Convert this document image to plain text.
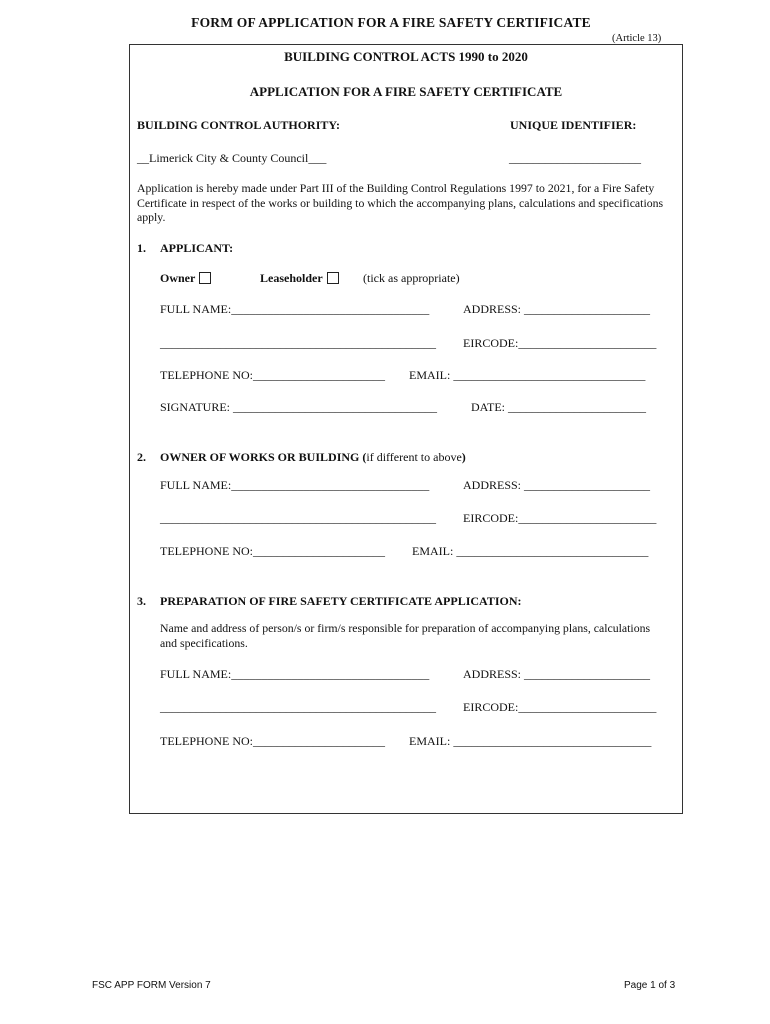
FORM OF APPLICATION FOR A FIRE SAFETY CERTIFICATE
(Article 13)
BUILDING CONTROL ACTS 1990 to 2020
APPLICATION FOR A FIRE SAFETY CERTIFICATE
BUILDING CONTROL AUTHORITY:	UNIQUE IDENTIFIER:
__Limerick City & County Council___	______________________
Application is hereby made under Part III of the Building Control Regulations 1997 to 2021, for a Fire Safety Certificate in respect of the works or building to which the accompanying plans, calculations and specifications apply.
1. APPLICANT:
Owner	Leaseholder	(tick as appropriate)
FULL NAME:_________________________________	ADDRESS: _____________________
______________________________________________ EIRCODE:_______________________
TELEPHONE NO:______________________ EMAIL: ________________________________
SIGNATURE: __________________________________	DATE: _______________________
2. OWNER OF WORKS OR BUILDING (if different to above)
FULL NAME:_________________________________	ADDRESS: _____________________
______________________________________________ EIRCODE:_______________________
TELEPHONE NO:______________________ EMAIL: ________________________________
3. PREPARATION OF FIRE SAFETY CERTIFICATE APPLICATION:
Name and address of person/s or firm/s responsible for preparation of accompanying plans, calculations and specifications.
FULL NAME:_________________________________	ADDRESS: _____________________
______________________________________________ EIRCODE:_______________________
TELEPHONE NO:______________________ EMAIL: _________________________________
FSC APP FORM Version 7	Page 1 of 3
